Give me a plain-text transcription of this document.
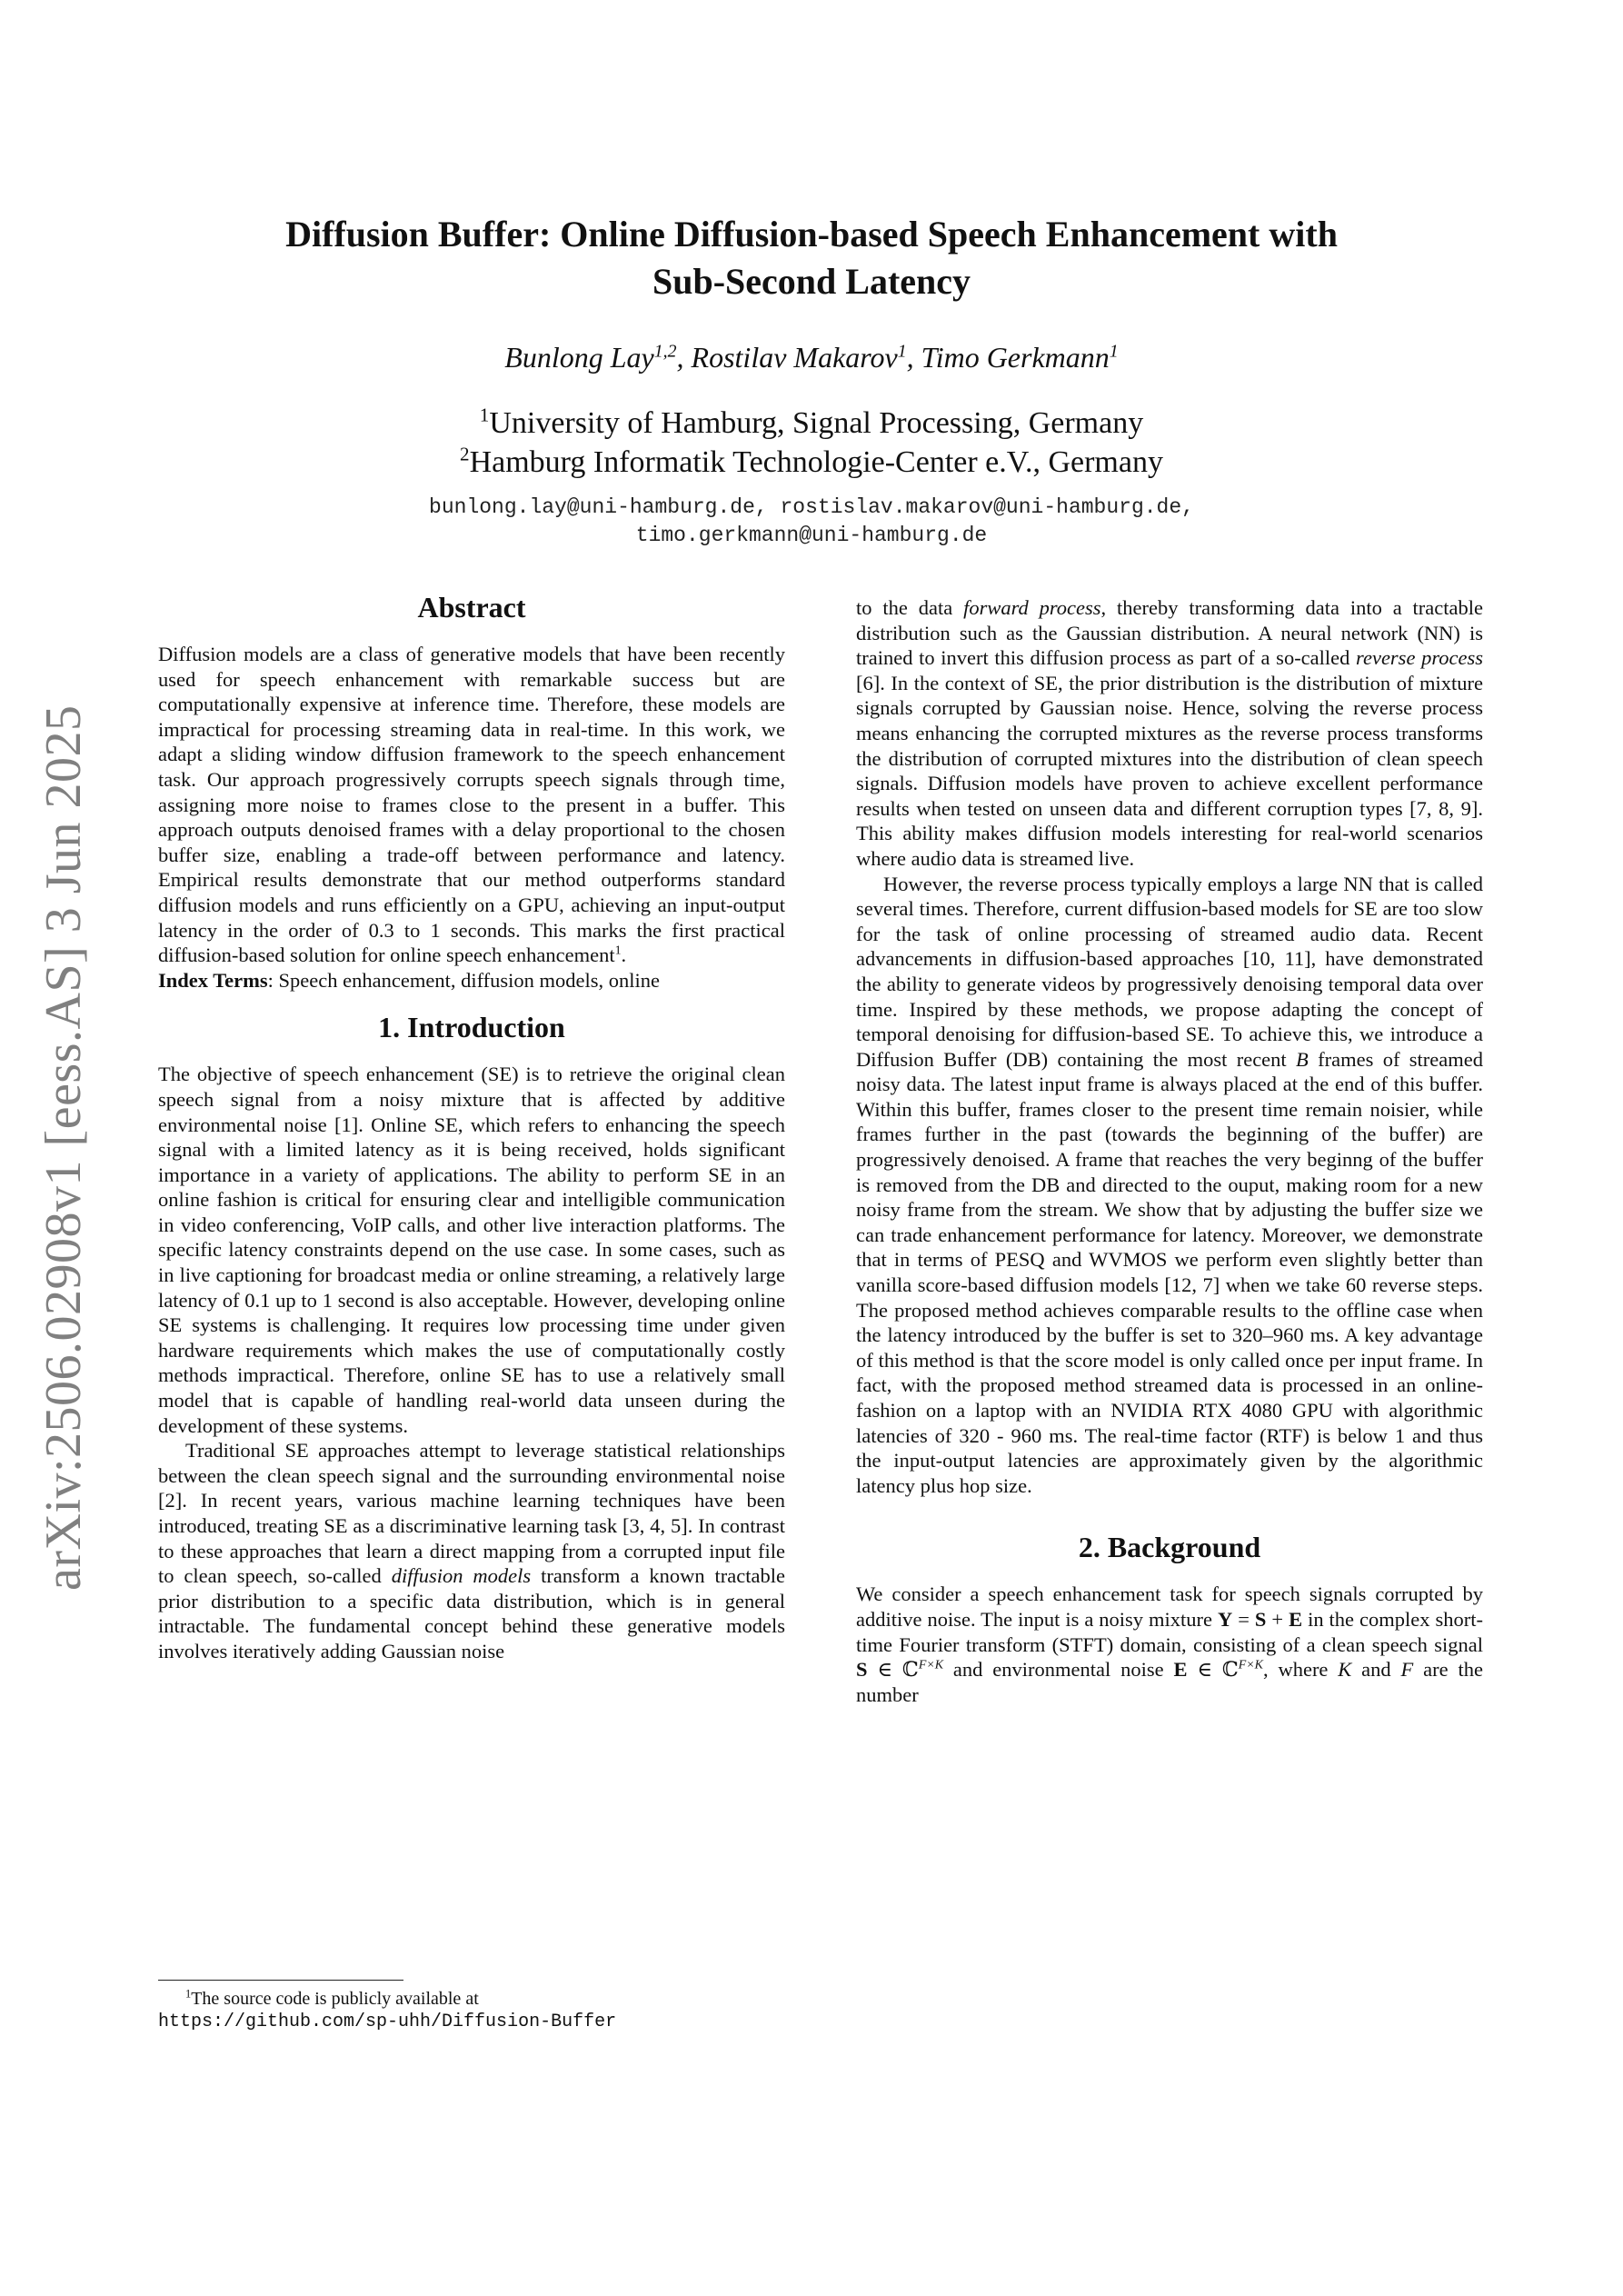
arXiv:2506.02908v1 [eess.AS] 3 Jun 2025
Diffusion Buffer: Online Diffusion-based Speech Enhancement with
Sub-Second Latency
Bunlong Lay$^{1,2}$, Rostilav Makarov$^1$, Timo Gerkmann$^1$
$^1$University of Hamburg, Signal Processing, Germany
$^2$Hamburg Informatik Technologie-Center e.V., Germany
bunlong.lay@uni-hamburg.de, rostislav.makarov@uni-hamburg.de,
timo.gerkmann@uni-hamburg.de
Abstract

Diffusion models are a class of generative models that have been recently used for speech enhancement with remarkable success but are computationally expensive at inference time. Therefore, these models are impractical for processing streaming data in real-time. In this work, we adapt a sliding window diffusion framework to the speech enhancement task. Our approach progressively corrupts speech signals through time, assigning more noise to frames close to the present in a buffer. This approach outputs denoised frames with a delay proportional to the chosen buffer size, enabling a trade-off between performance and latency. Empirical results demonstrate that our method outperforms standard diffusion models and runs efficiently on a GPU, achieving an input-output latency in the order of 0.3 to 1 seconds. This marks the first practical diffusion-based solution for online speech enhancement$^1$.

Index Terms: Speech enhancement, diffusion models, online

1. Introduction

The objective of speech enhancement (SE) is to retrieve the original clean speech signal from a noisy mixture that is affected by additive environmental noise [1]. Online SE, which refers to enhancing the speech signal with a limited latency as it is being received, holds significant importance in a variety of applications. The ability to perform SE in an online fashion is critical for ensuring clear and intelligible communication in video conferencing, VoIP calls, and other live interaction platforms. The specific latency constraints depend on the use case. In some cases, such as in live captioning for broadcast media or online streaming, a relatively large latency of 0.1 up to 1 second is also acceptable. However, developing online SE systems is challenging. It requires low processing time under given hardware requirements which makes the use of computationally costly methods impractical. Therefore, online SE has to use a relatively small model that is capable of handling real-world data unseen during the development of these systems.

Traditional SE approaches attempt to leverage statistical relationships between the clean speech signal and the surrounding environmental noise [2]. In recent years, various machine learning techniques have been introduced, treating SE as a discriminative learning task [3, 4, 5]. In contrast to these approaches that learn a direct mapping from a corrupted input file to clean speech, so-called diffusion models transform a known tractable prior distribution to a specific data distribution, which is in general intractable. The fundamental concept behind these generative models involves iteratively adding Gaussian noise

to the data forward process, thereby transforming data into a tractable distribution such as the Gaussian distribution. A neural network (NN) is trained to invert this diffusion process as part of a so-called reverse process [6]. In the context of SE, the prior distribution is the distribution of mixture signals corrupted by Gaussian noise. Hence, solving the reverse process means enhancing the corrupted mixtures as the reverse process transforms the distribution of corrupted mixtures into the distribution of clean speech signals. Diffusion models have proven to achieve excellent performance results when tested on unseen data and different corruption types [7, 8, 9]. This ability makes diffusion models interesting for real-world scenarios where audio data is streamed live.

However, the reverse process typically employs a large NN that is called several times. Therefore, current diffusion-based models for SE are too slow for the task of online processing of streamed audio data. Recent advancements in diffusion-based approaches [10, 11], have demonstrated the ability to generate videos by progressively denoising temporal data over time. Inspired by these methods, we propose adapting the concept of temporal denoising for diffusion-based SE. To achieve this, we introduce a Diffusion Buffer (DB) containing the most recent B frames of streamed noisy data. The latest input frame is always placed at the end of this buffer. Within this buffer, frames closer to the present time remain noisier, while frames further in the past (towards the beginning of the buffer) are progressively denoised. A frame that reaches the very beginng of the buffer is removed from the DB and directed to the ouput, making room for a new noisy frame from the stream. We show that by adjusting the buffer size we can trade enhancement performance for latency. Moreover, we demonstrate that in terms of PESQ and WVMOS we perform even slightly better than vanilla score-based diffusion models [12, 7] when we take 60 reverse steps. The proposed method achieves comparable results to the offline case when the latency introduced by the buffer is set to 320–960 ms. A key advantage of this method is that the score model is only called once per input frame. In fact, with the proposed method streamed data is processed in an online-fashion on a laptop with an NVIDIA RTX 4080 GPU with algorithmic latencies of 320 - 960 ms. The real-time factor (RTF) is below 1 and thus the input-output latencies are approximately given by the algorithmic latency plus hop size.

2. Background

We consider a speech enhancement task for speech signals corrupted by additive noise. The input is a noisy mixture Y = S + E in the complex short-time Fourier transform (STFT) domain, consisting of a clean speech signal S ∈ ℂ$^{F\times K}$ and environmental noise E ∈ ℂ$^{F\times K}$, where K and F are the number

$^1$The source code is publicly available at
https://github.com/sp-uhh/Diffusion-Buffer
